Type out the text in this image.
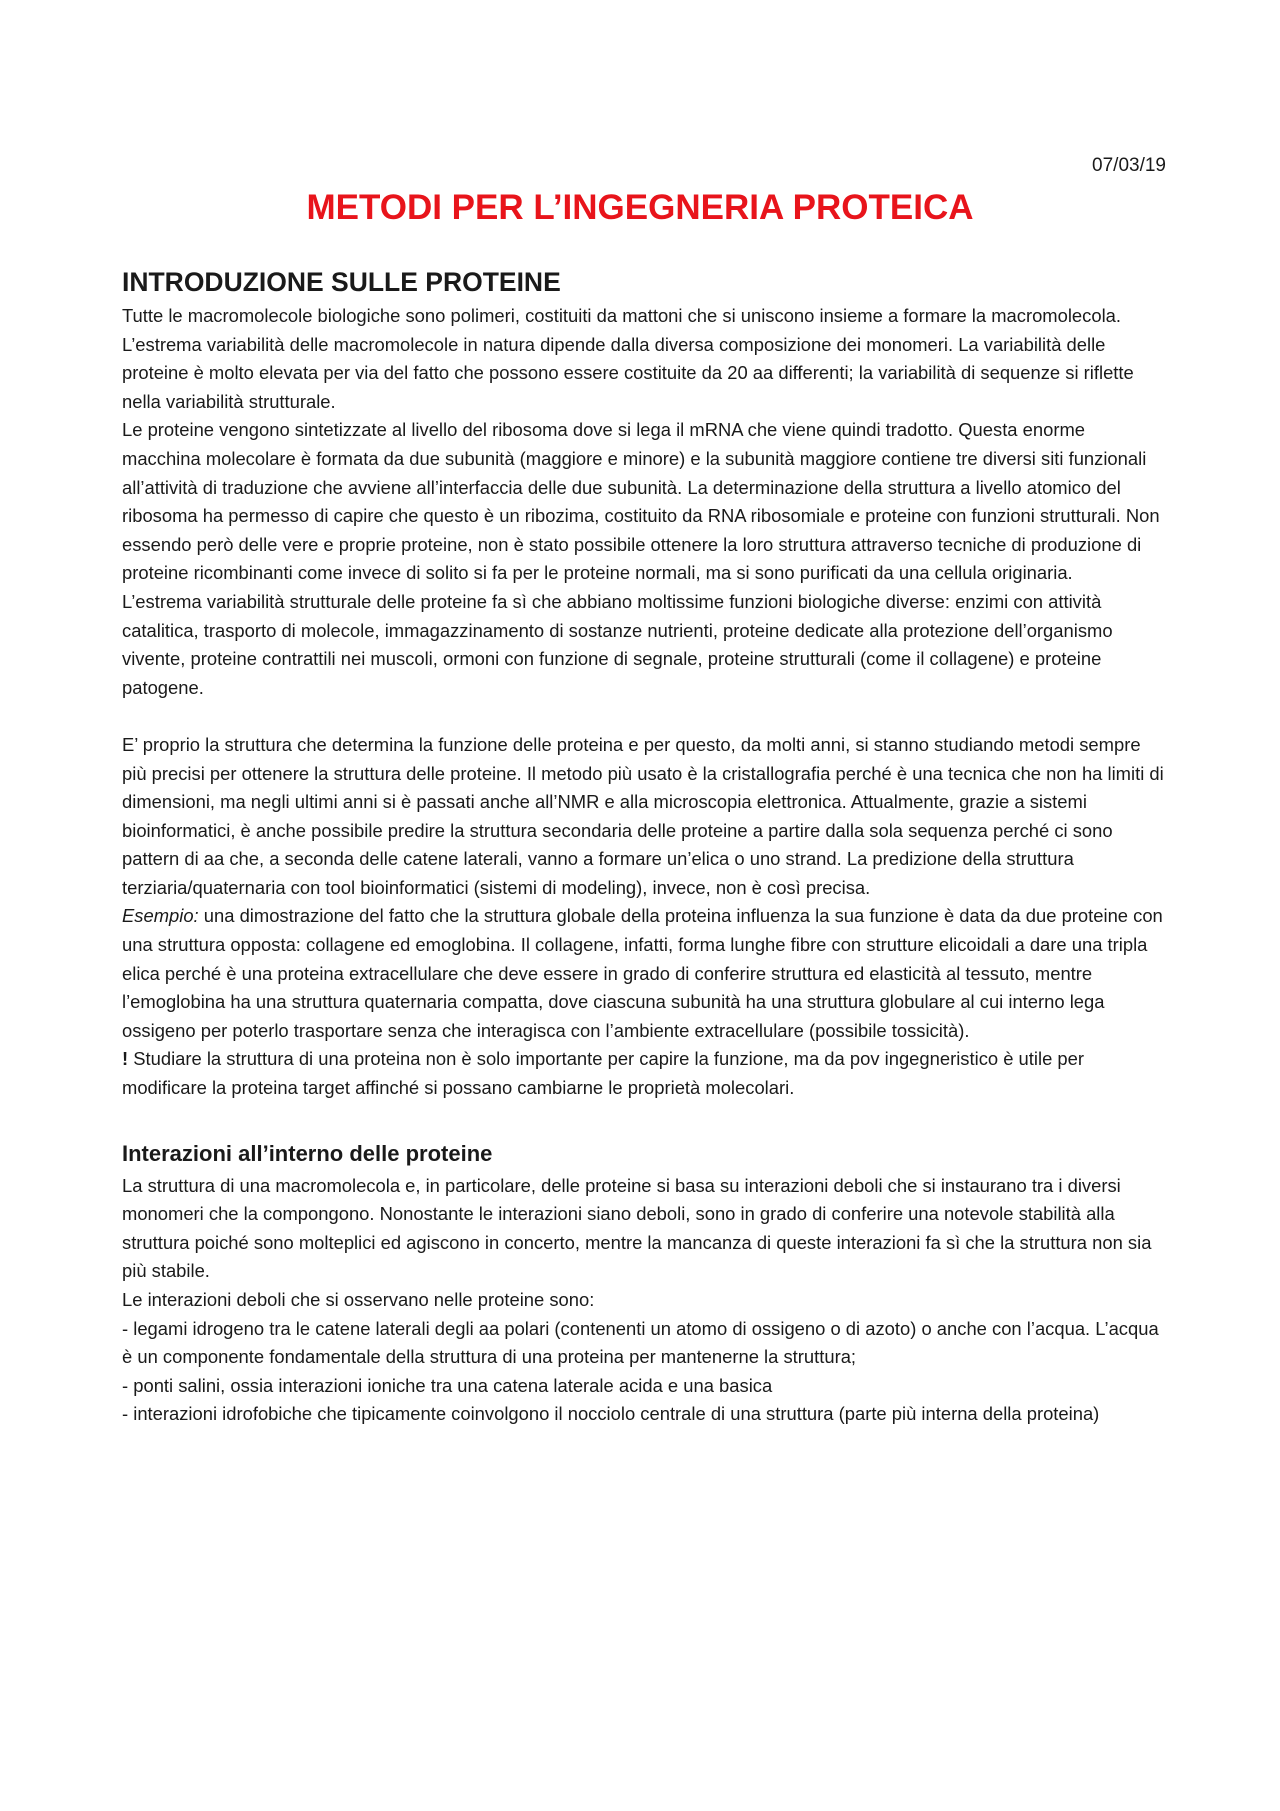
07/03/19
METODI PER L’INGEGNERIA PROTEICA
INTRODUZIONE SULLE PROTEINE

Tutte le macromolecole biologiche sono polimeri, costituiti da mattoni che si uniscono insieme a formare la macromolecola. L’estrema variabilità delle macromolecole in natura dipende dalla diversa composizione dei monomeri. La variabilità delle proteine è molto elevata per via del fatto che possono essere costituite da 20 aa differenti; la variabilità di sequenze si riflette nella variabilità strutturale.

Le proteine vengono sintetizzate al livello del ribosoma dove si lega il mRNA che viene quindi tradotto. Questa enorme macchina molecolare è formata da due subunità (maggiore e minore) e la subunità maggiore contiene tre diversi siti funzionali all’attività di traduzione che avviene all’interfaccia delle due subunità. La determinazione della struttura a livello atomico del ribosoma ha permesso di capire che questo è un ribozima, costituito da RNA ribosomiale e proteine con funzioni strutturali. Non essendo però delle vere e proprie proteine, non è stato possibile ottenere la loro struttura attraverso tecniche di produzione di proteine ricombinanti come invece di solito si fa per le proteine normali, ma si sono purificati da una cellula originaria.

L’estrema variabilità strutturale delle proteine fa sì che abbiano moltissime funzioni biologiche diverse: enzimi con attività catalitica, trasporto di molecole, immagazzinamento di sostanze nutrienti, proteine dedicate alla protezione dell’organismo vivente, proteine contrattili nei muscoli, ormoni con funzione di segnale, proteine strutturali (come il collagene) e proteine patogene.

E’ proprio la struttura che determina la funzione delle proteina e per questo, da molti anni, si stanno studiando metodi sempre più precisi per ottenere la struttura delle proteine. Il metodo più usato è la cristallografia perché è una tecnica che non ha limiti di dimensioni, ma negli ultimi anni si è passati anche all’NMR e alla microscopia elettronica. Attualmente, grazie a sistemi bioinformatici, è anche possibile predire la struttura secondaria delle proteine a partire dalla sola sequenza perché ci sono pattern di aa che, a seconda delle catene laterali, vanno a formare un’elica o uno strand. La predizione della struttura terziaria/quaternaria con tool bioinformatici (sistemi di modeling), invece, non è così precisa.

Esempio: una dimostrazione del fatto che la struttura globale della proteina influenza la sua funzione è data da due proteine con una struttura opposta: collagene ed emoglobina. Il collagene, infatti, forma lunghe fibre con strutture elicoidali a dare una tripla elica perché è una proteina extracellulare che deve essere in grado di conferire struttura ed elasticità al tessuto, mentre l’emoglobina ha una struttura quaternaria compatta, dove ciascuna subunità ha una struttura globulare al cui interno lega ossigeno per poterlo trasportare senza che interagisca con l’ambiente extracellulare (possibile tossicità).

! Studiare la struttura di una proteina non è solo importante per capire la funzione, ma da pov ingegneristico è utile per modificare la proteina target affinché si possano cambiarne le proprietà molecolari.

Interazioni all’interno delle proteine

La struttura di una macromolecola e, in particolare, delle proteine si basa su interazioni deboli che si instaurano tra i diversi monomeri che la compongono. Nonostante le interazioni siano deboli, sono in grado di conferire una notevole stabilità alla struttura poiché sono molteplici ed agiscono in concerto, mentre la mancanza di queste interazioni fa sì che la struttura non sia più stabile.

Le interazioni deboli che si osservano nelle proteine sono:

- legami idrogeno tra le catene laterali degli aa polari (contenenti un atomo di ossigeno o di azoto) o anche con l’acqua. L’acqua è un componente fondamentale della struttura di una proteina per mantenerne la struttura;

- ponti salini, ossia interazioni ioniche tra una catena laterale acida e una basica

- interazioni idrofobiche che tipicamente coinvolgono il nocciolo centrale di una struttura (parte più interna della proteina)
